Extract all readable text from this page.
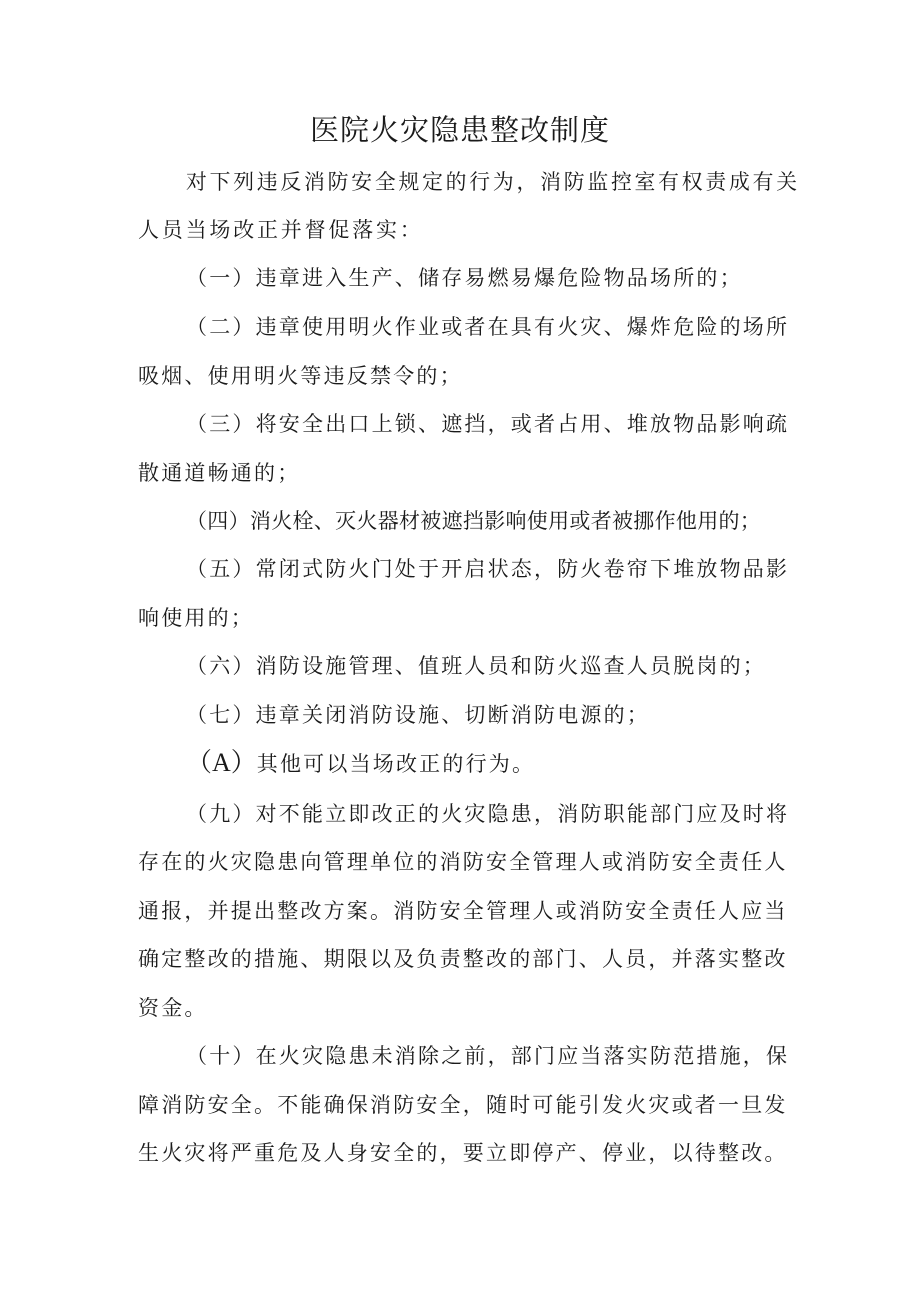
医院火灾隐患整改制度
对下列违反消防安全规定的行为，消防监控室有权责成有关
人员当场改正并督促落实：
（一）违章进入生产、储存易燃易爆危险物品场所的；
（二）违章使用明火作业或者在具有火灾、爆炸危险的场所
吸烟、使用明火等违反禁令的；
（三）将安全出口上锁、遮挡，或者占用、堆放物品影响疏
散通道畅通的；
（四）消火栓、灭火器材被遮挡影响使用或者被挪作他用的；
（五）常闭式防火门处于开启状态，防火卷帘下堆放物品影
响使用的；
（六）消防设施管理、值班人员和防火巡查人员脱岗的；
（七）违章关闭消防设施、切断消防电源的；
（A）其他可以当场改正的行为。
（九）对不能立即改正的火灾隐患，消防职能部门应及时将
存在的火灾隐患向管理单位的消防安全管理人或消防安全责任人
通报，并提出整改方案。消防安全管理人或消防安全责任人应当
确定整改的措施、期限以及负责整改的部门、人员，并落实整改
资金。
（十）在火灾隐患未消除之前，部门应当落实防范措施，保
障消防安全。不能确保消防安全，随时可能引发火灾或者一旦发
生火灾将严重危及人身安全的，要立即停产、停业，以待整改。
